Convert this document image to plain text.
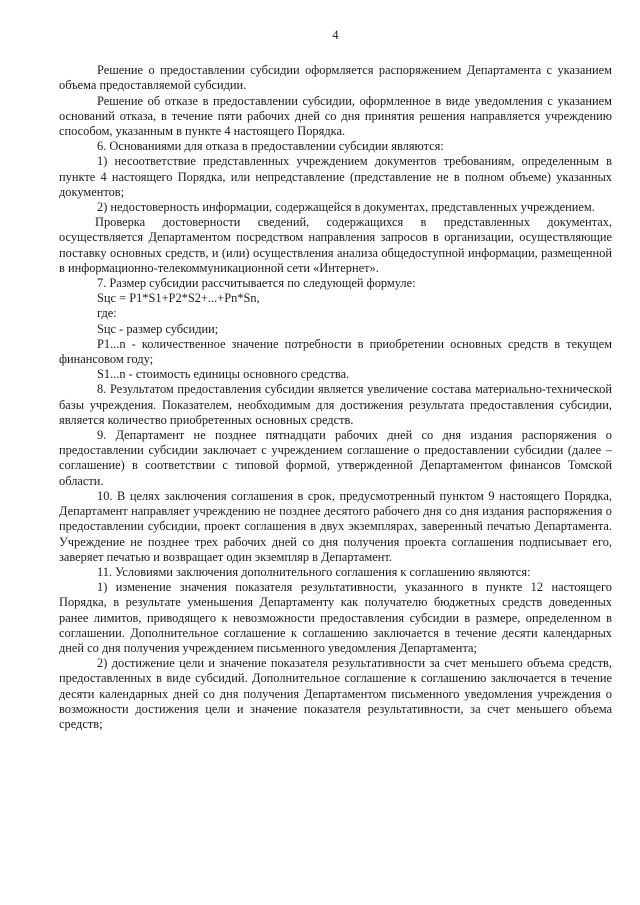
4

Решение о предоставлении субсидии оформляется распоряжением Департамента с указанием объема предоставляемой субсидии.

Решение об отказе в предоставлении субсидии, оформленное в виде уведомления с указанием оснований отказа, в течение пяти рабочих дней со дня принятия решения направляется учреждению способом, указанным в пункте 4 настоящего Порядка.

6. Основаниями для отказа в предоставлении субсидии являются:

1) несоответствие представленных учреждением документов требованиям, определенным в пункте 4 настоящего Порядка, или непредставление (представление не в полном объеме) указанных документов;

2) недостоверность информации, содержащейся в документах, представленных учреждением.

Проверка достоверности сведений, содержащихся в представленных документах, осуществляется Департаментом посредством направления запросов в организации, осуществляющие поставку основных средств, и (или) осуществления анализа общедоступной информации, размещенной в информационно-телекоммуникационной сети «Интернет».

7. Размер субсидии рассчитывается по следующей формуле:

Sцс = P1*S1+P2*S2+...+Pn*Sn,

где:

Sцс - размер субсидии;

P1...n - количественное значение потребности в приобретении основных средств в текущем финансовом году;

S1...n - стоимость единицы основного средства.

8. Результатом предоставления субсидии является увеличение состава материально-технической базы учреждения. Показателем, необходимым для достижения результата предоставления субсидии, является количество приобретенных основных средств.

9. Департамент не позднее пятнадцати рабочих дней со дня издания распоряжения о предоставлении субсидии заключает с учреждением соглашение о предоставлении субсидии (далее – соглашение) в соответствии с типовой формой, утвержденной Департаментом финансов Томской области.

10. В целях заключения соглашения в срок, предусмотренный пунктом 9 настоящего Порядка, Департамент направляет учреждению не позднее десятого рабочего дня со дня издания распоряжения о предоставлении субсидии, проект соглашения в двух экземплярах, заверенный печатью Департамента. Учреждение не позднее трех рабочих дней со дня получения проекта соглашения подписывает его, заверяет печатью и возвращает один экземпляр в Департамент.

11. Условиями заключения дополнительного соглашения к соглашению являются:

1) изменение значения показателя результативности, указанного в пункте 12 настоящего Порядка, в результате уменьшения Департаменту как получателю бюджетных средств доведенных ранее лимитов, приводящего к невозможности предоставления субсидии в размере, определенном в соглашении. Дополнительное соглашение к соглашению заключается в течение десяти календарных дней со дня получения учреждением письменного уведомления Департамента;

2) достижение цели и значение показателя результативности за счет меньшего объема средств, предоставленных в виде субсидий. Дополнительное соглашение к соглашению заключается в течение десяти календарных дней со дня получения Департаментом письменного уведомления учреждения о возможности достижения цели и значение показателя результативности, за счет меньшего объема средств;
